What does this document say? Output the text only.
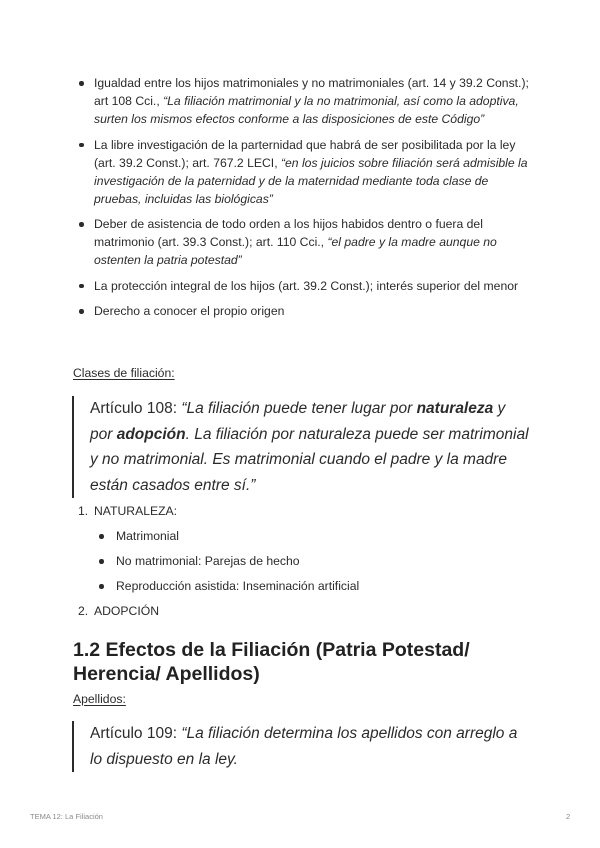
Igualdad entre los hijos matrimoniales y no matrimoniales (art. 14 y 39.2 Const.); art 108 Cci., “La filiación matrimonial y la no matrimonial, así como la adoptiva, surten los mismos efectos conforme a las disposiciones de este Código”
La libre investigación de la parternidad que habrá de ser posibilitada por la ley (art. 39.2 Const.); art. 767.2 LECI, “en los juicios sobre filiación será admisible la investigación de la paternidad y de la maternidad mediante toda clase de pruebas, incluidas las biológicas”
Deber de asistencia de todo orden a los hijos habidos dentro o fuera del matrimonio (art. 39.3 Const.); art. 110 Cci., “el padre y la madre aunque no ostenten la patria potestad”
La protección integral de los hijos (art. 39.2 Const.); interés superior del menor
Derecho a conocer el propio origen
Clases de filiación:
Artículo 108: “La filiación puede tener lugar por naturaleza y por adopción. La filiación por naturaleza puede ser matrimonial y no matrimonial. Es matrimonial cuando el padre y la madre están casados entre sí.”
1. NATURALEZA:
Matrimonial
No matrimonial: Parejas de hecho
Reproducción asistida: Inseminación artificial
2. ADOPCIÓN
1.2 Efectos de la Filiación (Patria Potestad/ Herencia/ Apellidos)
Apellidos:
Artículo 109: “La filiación determina los apellidos con arreglo a lo dispuesto en la ley.
TEMA 12: La Filiación	2
